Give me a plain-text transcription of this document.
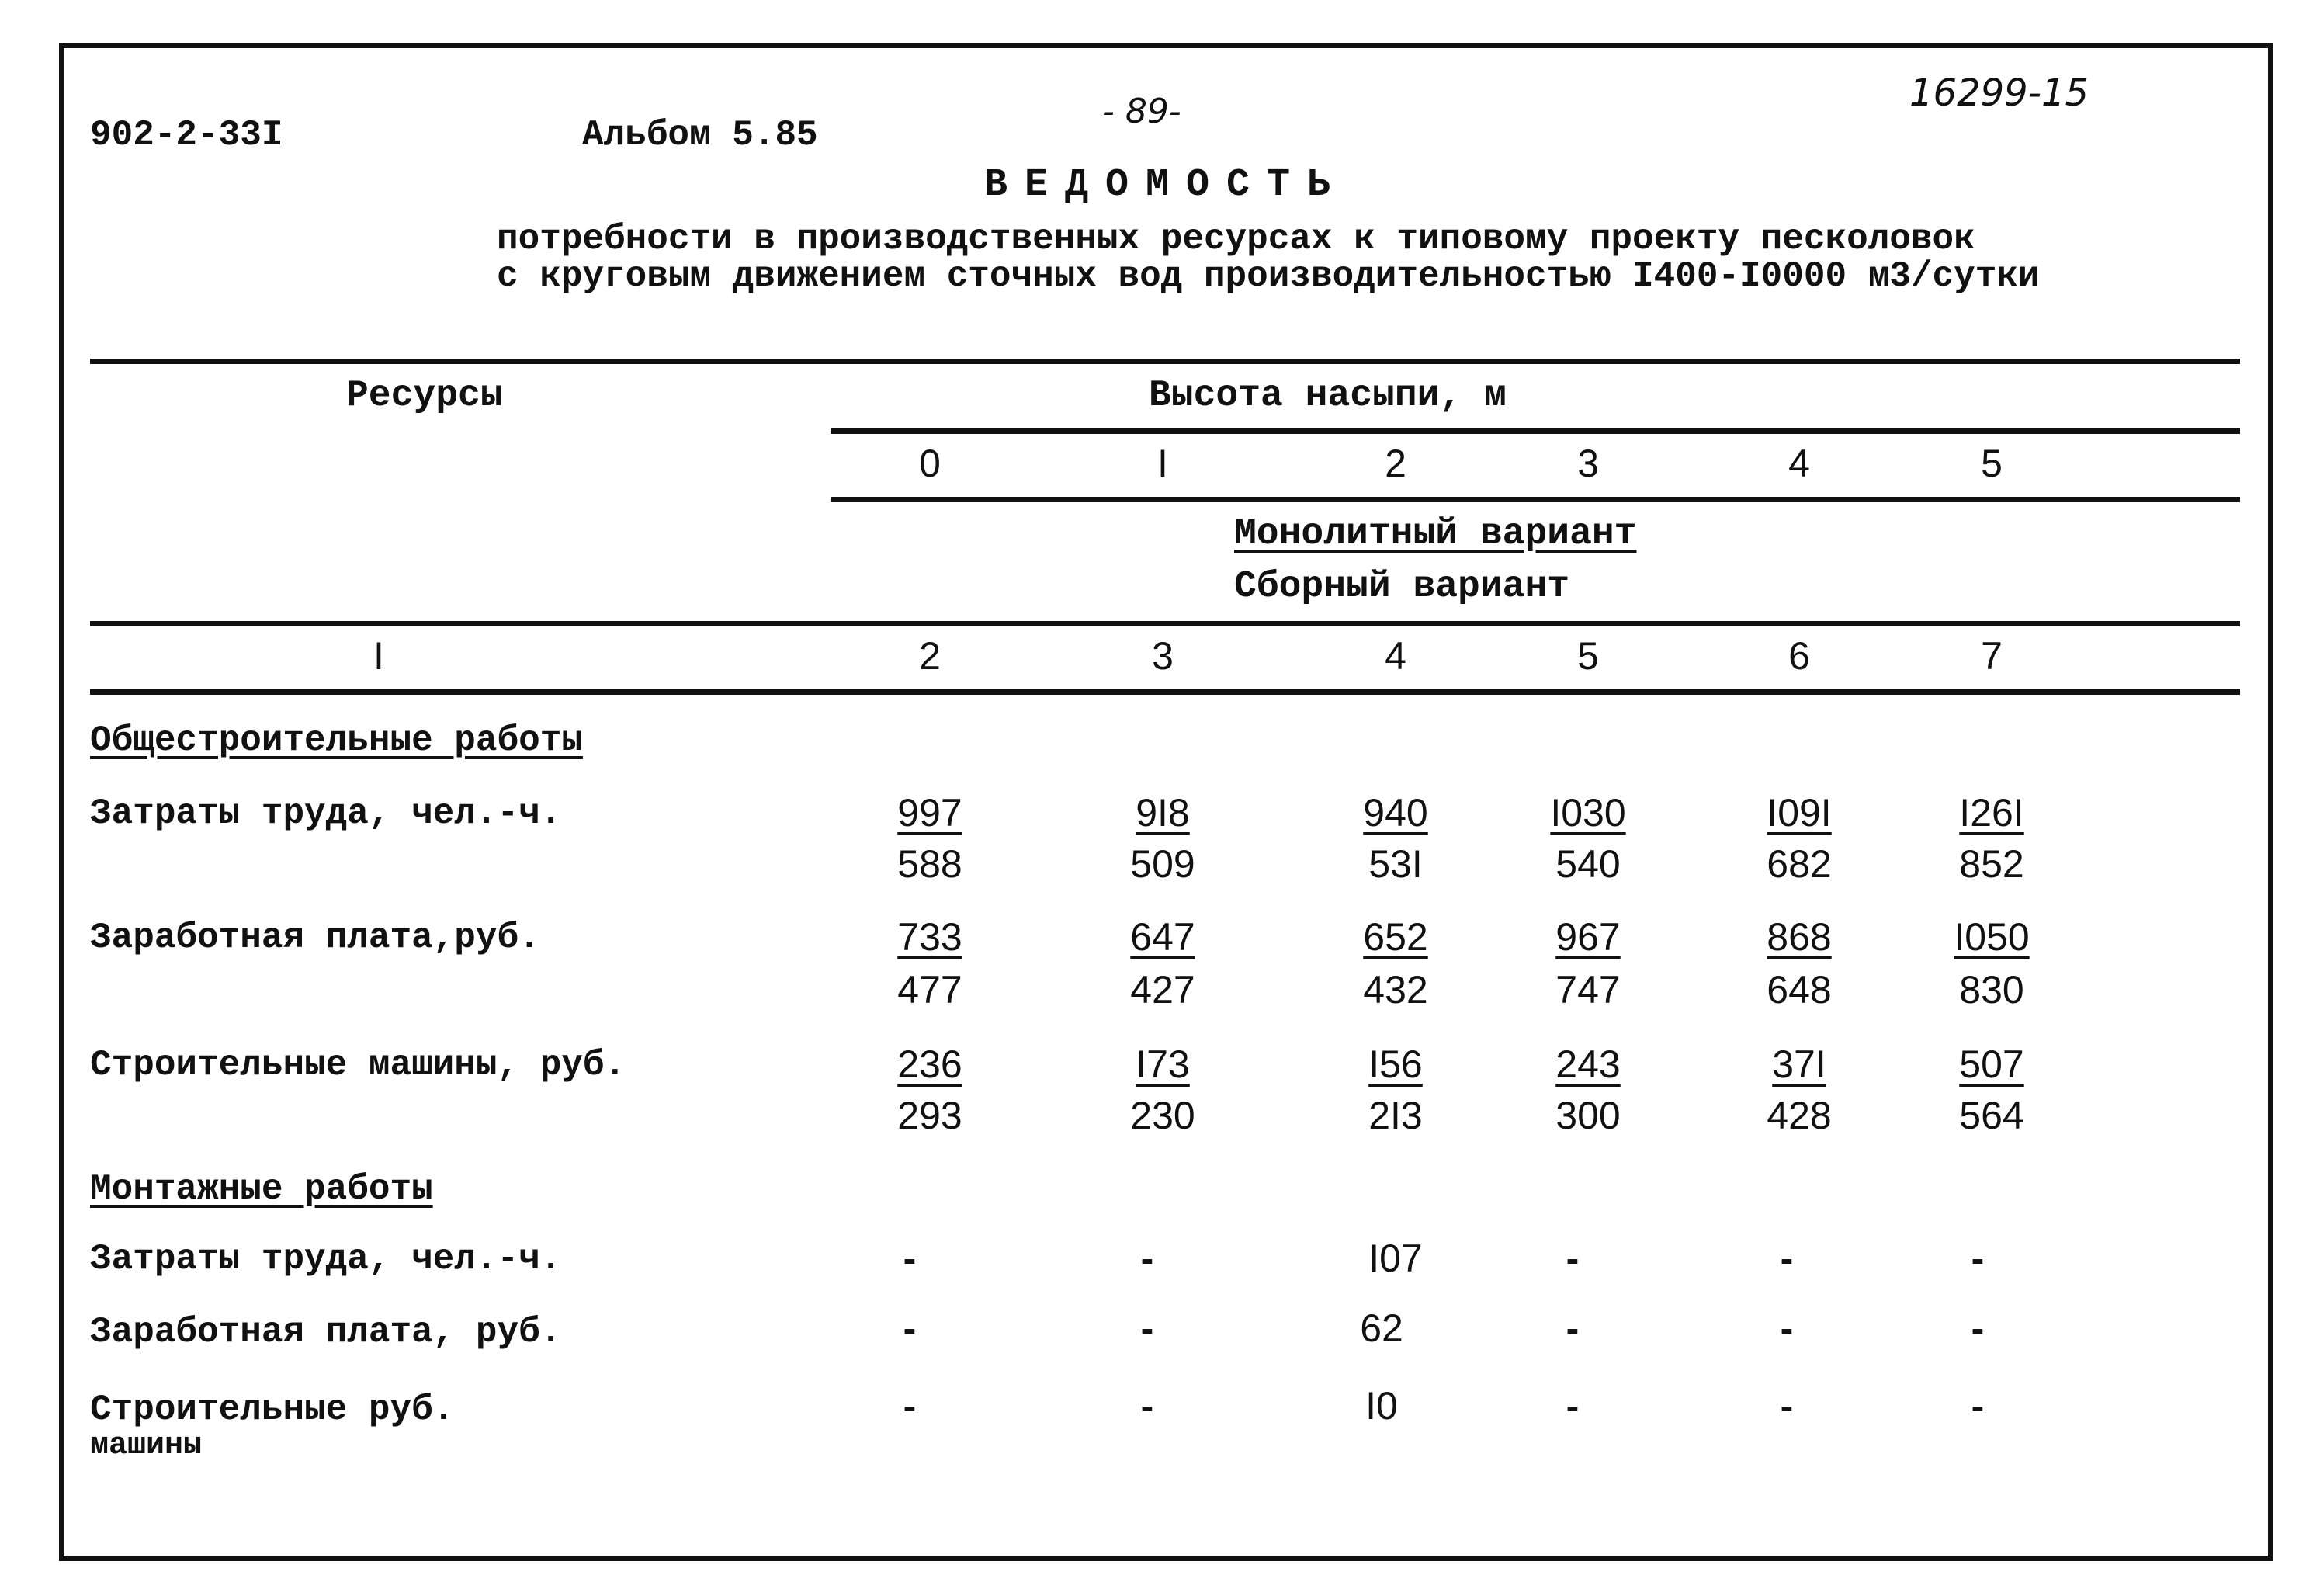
902-2-33I	Альбом 5.85
- 89-	16299-15
ВЕДОМОСТЬ
потребности в производственных ресурсах к типовому проекту песколовок
с круговым движением сточных вод производительностью I400-I0000 м3/сутки
Ресурсы	Высота насыпи, м
0	I	2	3	4	5
Монолитный вариант
Сборный вариант
I	2	3	4	5	6	7
Общестроительные работы
Затраты труда, чел.-ч.	997	9I8	940	I030	I09I	I26I
588	509	53I	540	682	852
Заработная плата,руб.	733	647	652	967	868	I050
477	427	432	747	648	830
Строительные машины, руб.	236	I73	I56	243	37I	507
293	230	2I3	300	428	564
Монтажные работы
Затраты труда, чел.-ч.	-	-	I07	-	-	-
Заработная плата, руб.	-	-	62	-	-	-
Строительные руб.
машины
-	-	I0	-	-	-
